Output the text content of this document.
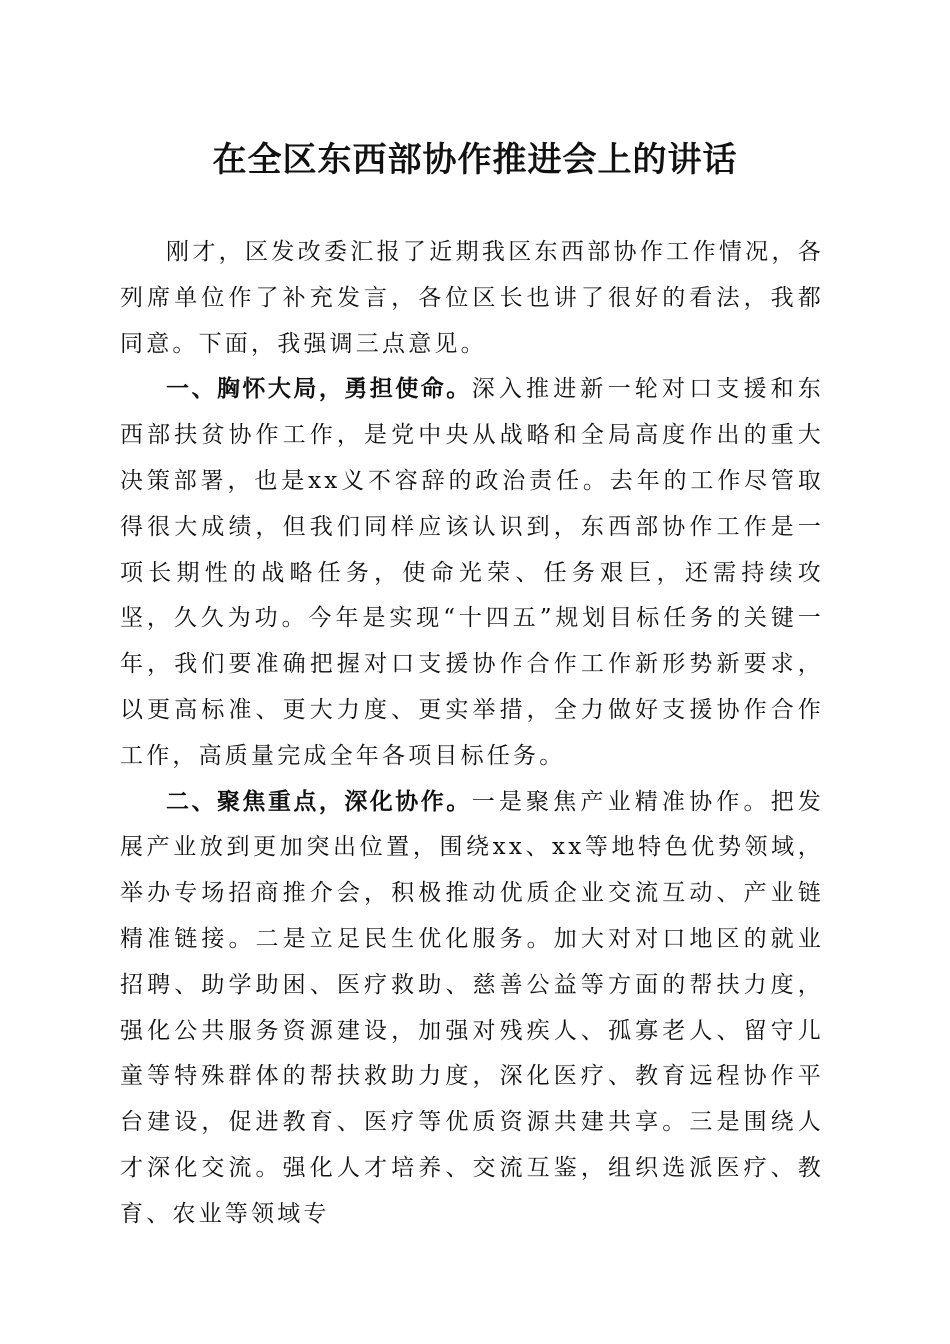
在全区东西部协作推进会上的讲话

刚才，区发改委汇报了近期我区东西部协作工作情况，各列席单位作了补充发言，各位区长也讲了很好的看法，我都同意。下面，我强调三点意见。

一、胸怀大局，勇担使命。深入推进新一轮对口支援和东西部扶贫协作工作，是党中央从战略和全局高度作出的重大决策部署，也是xx义不容辞的政治责任。去年的工作尽管取得很大成绩，但我们同样应该认识到，东西部协作工作是一项长期性的战略任务，使命光荣、任务艰巨，还需持续攻坚，久久为功。今年是实现“十四五”规划目标任务的关键一年，我们要准确把握对口支援协作合作工作新形势新要求，以更高标准、更大力度、更实举措，全力做好支援协作合作工作，高质量完成全年各项目标任务。

二、聚焦重点，深化协作。一是聚焦产业精准协作。把发展产业放到更加突出位置，围绕xx、xx等地特色优势领域，举办专场招商推介会，积极推动优质企业交流互动、产业链精准链接。二是立足民生优化服务。加大对对口地区的就业招聘、助学助困、医疗救助、慈善公益等方面的帮扶力度，强化公共服务资源建设，加强对残疾人、孤寡老人、留守儿童等特殊群体的帮扶救助力度，深化医疗、教育远程协作平台建设，促进教育、医疗等优质资源共建共享。三是围绕人才深化交流。强化人才培养、交流互鉴，组织选派医疗、教育、农业等领域专
